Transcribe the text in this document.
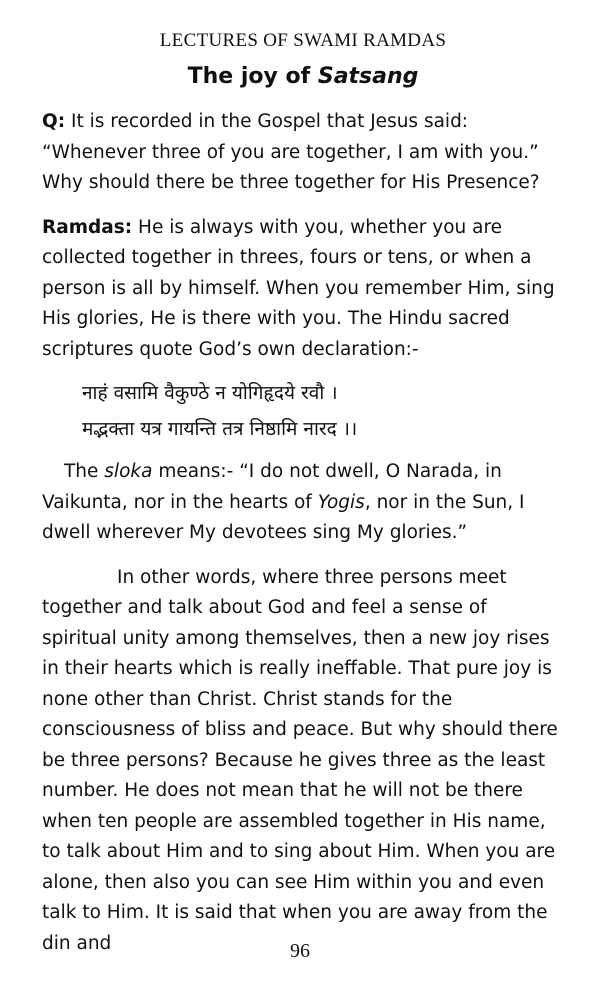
LECTURES OF SWAMI RAMDAS
The joy of Satsang

Q: It is recorded in the Gospel that Jesus said: “Whenever three of you are together, I am with you.” Why should there be three together for His Presence?

Ramdas: He is always with you, whether you are collected together in threes, fours or tens, or when a person is all by himself. When you remember Him, sing His glories, He is there with you. The Hindu sacred scriptures quote God’s own declaration:-

नाहं वसामि वैकुण्ठे न योगिहृदये रवौ ।
मद्भक्ता यत्र गायन्ति तत्र निष्ठामि नारद ।।

The sloka means:- “I do not dwell, O Narada, in Vaikunta, nor in the hearts of Yogis, nor in the Sun, I dwell wherever My devotees sing My glories.”

In other words, where three persons meet together and talk about God and feel a sense of spiritual unity among themselves, then a new joy rises in their hearts which is really ineffable. That pure joy is none other than Christ. Christ stands for the consciousness of bliss and peace. But why should there be three persons? Because he gives three as the least number. He does not mean that he will not be there when ten people are assembled together in His name, to talk about Him and to sing about Him. When you are alone, then also you can see Him within you and even talk to Him. It is said that when you are away from the din and	96
